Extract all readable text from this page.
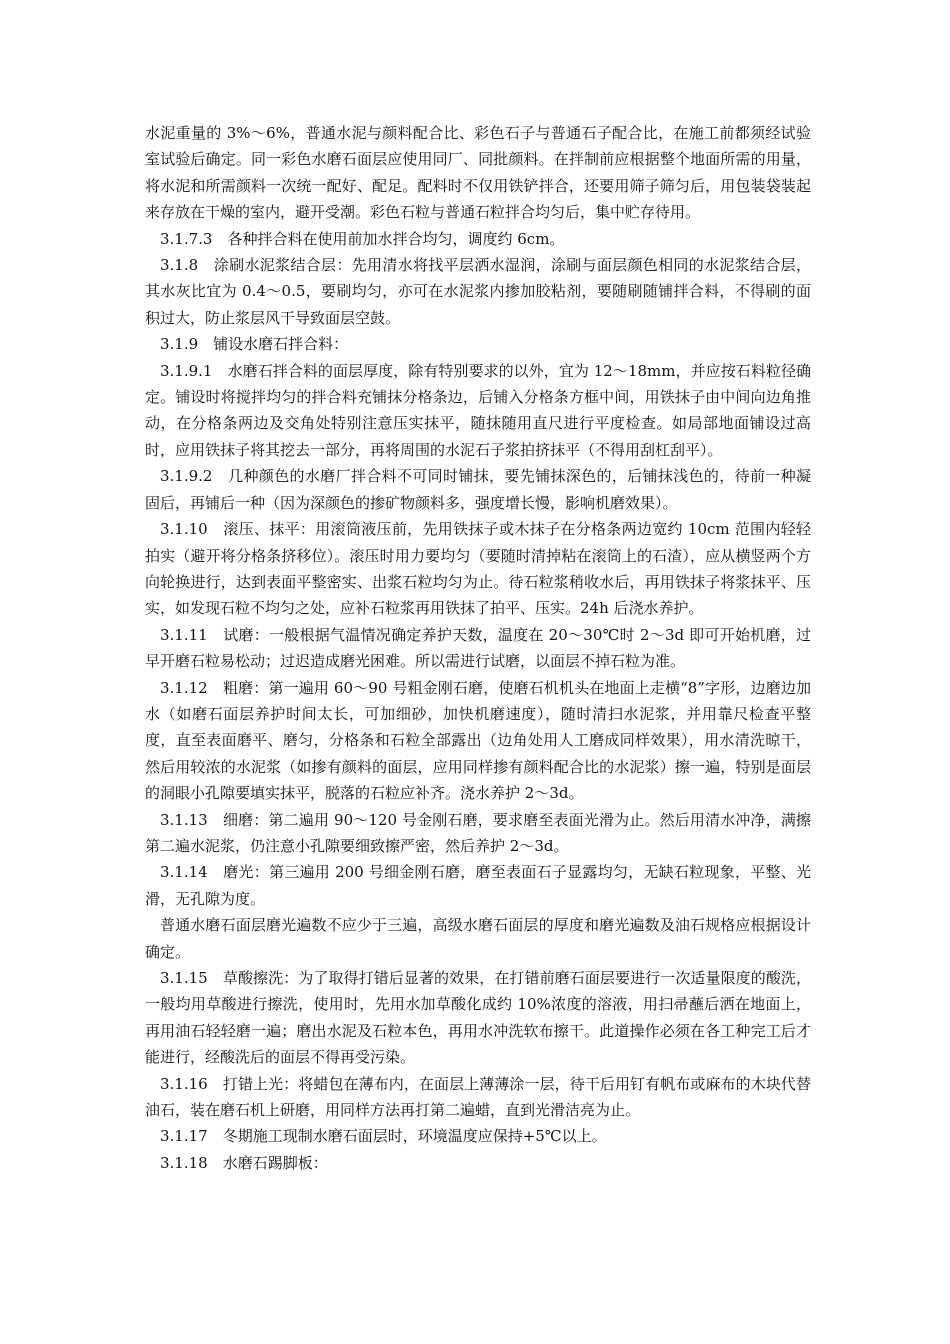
水泥重量的 3%～6%，普通水泥与颜料配合比、彩色石子与普通石子配合比，在施工前都须经试验室试验后确定。同一彩色水磨石面层应使用同厂、同批颜料。在拌制前应根据整个地面所需的用量，将水泥和所需颜料一次统一配好、配足。配料时不仅用铁铲拌合，还要用筛子筛匀后，用包装袋装起来存放在干燥的室内，避开受潮。彩色石粒与普通石粒拌合均匀后，集中贮存待用。

3.1.7.3　各种拌合料在使用前加水拌合均匀，调度约 6cm。

3.1.8　涂刷水泥浆结合层：先用清水将找平层洒水湿润，涂刷与面层颜色相同的水泥浆结合层，其水灰比宜为 0.4～0.5，要刷均匀，亦可在水泥浆内掺加胶粘剂，要随刷随铺拌合料，不得刷的面积过大，防止浆层风干导致面层空鼓。

3.1.9　铺设水磨石拌合料：

3.1.9.1　水磨石拌合料的面层厚度，除有特别要求的以外，宜为 12～18mm，并应按石料粒径确定。铺设时将搅拌均匀的拌合料充铺抹分格条边，后铺入分格条方框中间，用铁抹子由中间向边角推动，在分格条两边及交角处特别注意压实抹平，随抹随用直尺进行平度检查。如局部地面铺设过高时，应用铁抹子将其挖去一部分，再将周围的水泥石子浆拍挤抹平（不得用刮杠刮平）。

3.1.9.2　几种颜色的水磨厂拌合料不可同时铺抹，要先铺抹深色的，后铺抹浅色的，待前一种凝固后，再铺后一种（因为深颜色的掺矿物颜料多，强度增长慢，影响机磨效果）。

3.1.10　滚压、抹平：用滚筒液压前，先用铁抹子或木抹子在分格条两边宽约 10cm 范围内轻轻拍实（避开将分格条挤移位）。滚压时用力要均匀（要随时清掉粘在滚筒上的石渣），应从横竖两个方向轮换进行，达到表面平整密实、出浆石粒均匀为止。待石粒浆稍收水后，再用铁抹子将浆抹平、压实，如发现石粒不均匀之处，应补石粒浆再用铁抹了拍平、压实。24h 后浇水养护。

3.1.11　试磨：一般根据气温情况确定养护天数，温度在 20～30℃时 2～3d 即可开始机磨，过早开磨石粒易松动；过迟造成磨光困难。所以需进行试磨，以面层不掉石粒为准。

3.1.12　粗磨：第一遍用 60～90 号粗金刚石磨，使磨石机机头在地面上走横“8”字形，边磨边加水（如磨石面层养护时间太长，可加细砂，加快机磨速度），随时清扫水泥浆，并用靠尺检查平整度，直至表面磨平、磨匀，分格条和石粒全部露出（边角处用人工磨成同样效果），用水清洗晾干，然后用较浓的水泥浆（如掺有颜料的面层，应用同样掺有颜料配合比的水泥浆）擦一遍，特别是面层的洞眼小孔隙要填实抹平，脱落的石粒应补齐。浇水养护 2～3d。

3.1.13　细磨：第二遍用 90～120 号金刚石磨，要求磨至表面光滑为止。然后用清水冲净，满擦第二遍水泥浆，仍注意小孔隙要细致擦严密，然后养护 2～3d。

3.1.14　磨光：第三遍用 200 号细金刚石磨，磨至表面石子显露均匀，无缺石粒现象，平整、光滑，无孔隙为度。

普通水磨石面层磨光遍数不应少于三遍，高级水磨石面层的厚度和磨光遍数及油石规格应根据设计确定。

3.1.15　草酸擦洗：为了取得打错后显著的效果，在打错前磨石面层要进行一次适量限度的酸洗，一般均用草酸进行擦洗，使用时，先用水加草酸化成约 10%浓度的溶液，用扫帚蘸后洒在地面上，再用油石轻轻磨一遍；磨出水泥及石粒本色，再用水冲洗软布擦干。此道操作必须在各工种完工后才能进行，经酸洗后的面层不得再受污染。

3.1.16　打错上光：将蜡包在薄布内，在面层上薄薄涂一层，待干后用钉有帆布或麻布的木块代替油石，装在磨石机上研磨，用同样方法再打第二遍蜡，直到光滑洁亮为止。

3.1.17　冬期施工现制水磨石面层时，环境温度应保持+5℃以上。

3.1.18　水磨石踢脚板：
